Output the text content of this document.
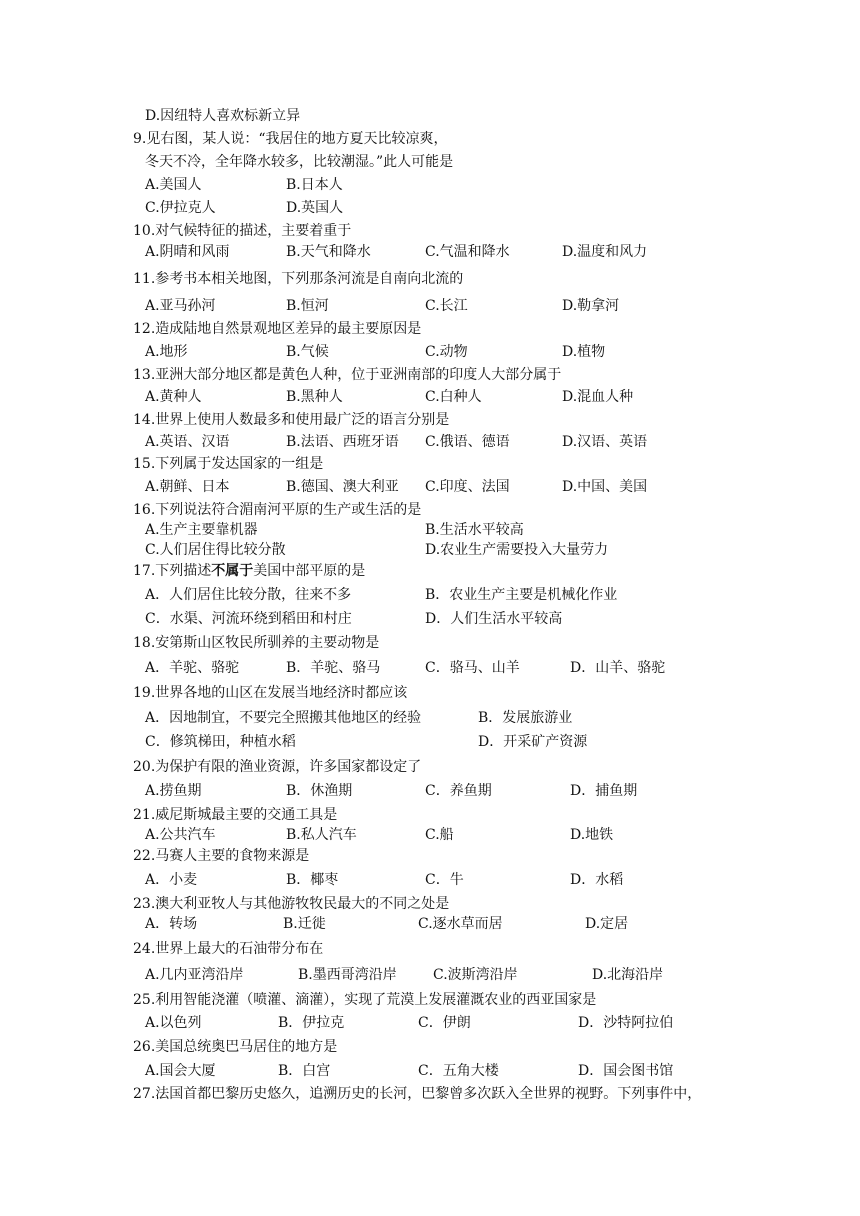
D.因纽特人喜欢标新立异
9.见右图，某人说：“我居住的地方夏天比较凉爽，
冬天不冷，全年降水较多，比较潮湿。”此人可能是
A.美国人	B.日本人
C.伊拉克人	D.英国人
10.对气候特征的描述，主要着重于
A.阴晴和风雨	B.天气和降水	C.气温和降水	D.温度和风力
11.参考书本相关地图，下列那条河流是自南向北流的
A.亚马孙河	B.恒河	C.长江	D.勒拿河
12.造成陆地自然景观地区差异的最主要原因是
A.地形	B.气候	C.动物	D.植物
13.亚洲大部分地区都是黄色人种，位于亚洲南部的印度人大部分属于
A.黄种人	B.黑种人	C.白种人	D.混血人种
14.世界上使用人数最多和使用最广泛的语言分别是
A.英语、汉语	B.法语、西班牙语 C.俄语、德语	D.汉语、英语
15.下列属于发达国家的一组是
A.朝鲜、日本	B.德国、澳大利亚 C.印度、法国	D.中国、美国
16.下列说法符合湄南河平原的生产或生活的是
A.生产主要靠机器	B.生活水平较高
C.人们居住得比较分散	D.农业生产需要投入大量劳力
17.下列描述不属于美国中部平原的是
A．人们居住比较分散，往来不多	B．农业生产主要是机械化作业
C．水渠、河流环绕到稻田和村庄	D．人们生活水平较高
18.安第斯山区牧民所驯养的主要动物是
A．羊驼、骆驼	B．羊驼、骆马	C．骆马、山羊	D．山羊、骆驼
19.世界各地的山区在发展当地经济时都应该
A．因地制宜，不要完全照搬其他地区的经验	B．发展旅游业
C．修筑梯田，种植水稻	D．开采矿产资源
20.为保护有限的渔业资源，许多国家都设定了
A.捞鱼期	B．休渔期	C．养鱼期	D．捕鱼期
21.威尼斯城最主要的交通工具是
A.公共汽车	B.私人汽车	C.船	D.地铁
22.马赛人主要的食物来源是
A．小麦	B．椰枣	C．牛	D．水稻
23.澳大利亚牧人与其他游牧牧民最大的不同之处是
A．转场	B.迁徙	C.逐水草而居	D.定居
24.世界上最大的石油带分布在
A.几内亚湾沿岸	B.墨西哥湾沿岸	C.波斯湾沿岸	D.北海沿岸
25.利用智能浇灌（喷灌、滴灌），实现了荒漠上发展灌溉农业的西亚国家是
A.以色列	B．伊拉克	C．伊朗	D．沙特阿拉伯
26.美国总统奥巴马居住的地方是
A.国会大厦	B．白宫	C．五角大楼	D．国会图书馆
27.法国首都巴黎历史悠久，追溯历史的长河，巴黎曾多次跃入全世界的视野。下列事件中，
